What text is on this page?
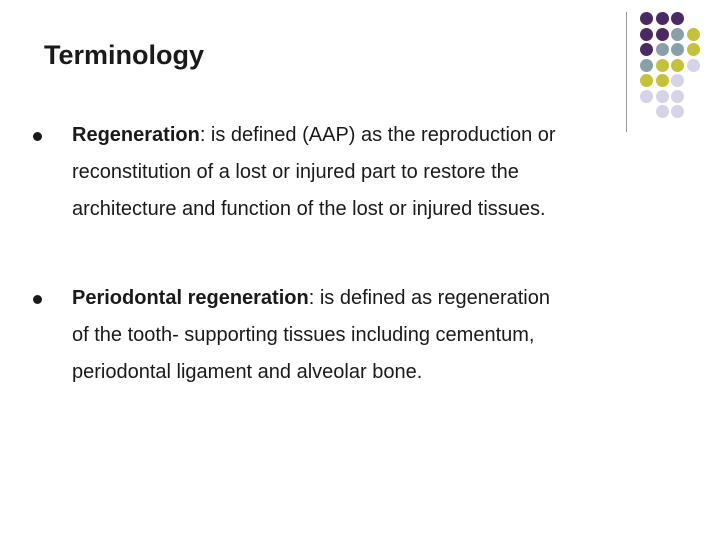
Terminology
Regeneration: is defined (AAP) as the reproduction or
reconstitution of a lost or injured part to restore the
architecture and function of the lost or injured tissues.
Periodontal regeneration: is defined as regeneration
of the tooth- supporting tissues including cementum,
periodontal ligament and alveolar bone.
